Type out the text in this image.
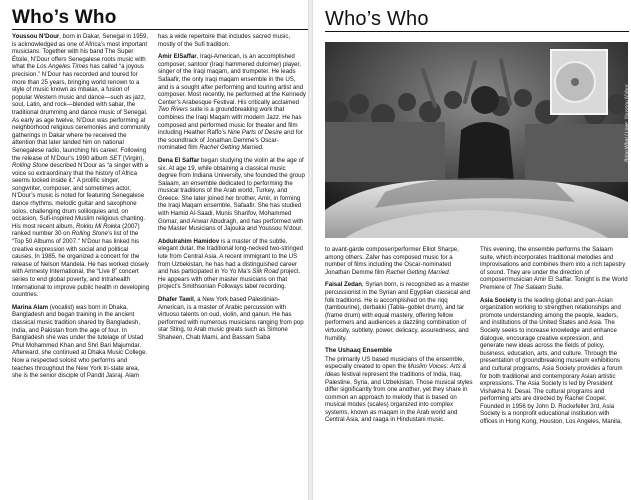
Who’s Who

Youssou N’Dour, born in Dakar, Senegal in 1959, is acknowledged as one of Africa’s most important musicians. Together with his band The Super Étoile, N’Dour offers Senegalese roots music with what the Los Angeles Times has called “a joyous precision.” N’Dour has recorded and toured for more than 25 years, bringing world renown to a style of music known as mbalax, a fusion of popular Western music and dance—such as jazz, soul, Latin, and rock—blended with sabar, the traditional drumming and dance music of Senegal. As early as age twelve, N’Dour was performing at neighborhood religious ceremonies and community gatherings in Dakar where he received the attention that later landed him on national Senegalese radio, launching his career. Following the release of N’Dour’s 1990 album SET (Virgin), Rolling Stone described N’Dour as “a singer with a voice so extraordinary that the history of Africa seems locked inside it.” A prolific singer, songwriter, composer, and sometimes actor, N’Dour’s music is noted for featuring Senegalese dance rhythms, melodic guitar and saxophone solos, challenging drum soliloquies and, on occasion, Sufi-inspired Muslim religious chanting. His most recent album, Rokku Mi Rokka (2007) ranked number 30 on Rolling Stone’s list of the “Top 50 Albums of 2007.” N’Dour has linked his creative expression with social and political causes. In 1985, he organized a concert for the release of Nelson Mandela. He has worked closely with Amnesty International, the “Live 8” concert series to end global poverty, and Intrahealth International to improve public health in developing countries.

Marina Alam (vocalist) was born in Dhaka, Bangladesh and began training in the ancient classical music tradition shared by Bangladesh, India, and Pakistan from the age of four. In Bangladesh she was under the tutelage of Ustad Phul Mohammed Khan and Shri Bari Majumdar. Afterward, she continued at Dhaka Music College. Now a respected soloist who performs and teaches throughout the New York tri-state area, she is the senior disciple of Pandit Jasraj. Alam

has a wide repertoire that includes sacred music, mostly of the Sufi tradition.

Amir ElSaffar, Iraqi-American, is an accomplished composer, santoor (Iraqi hammered dulcimer) player, singer of the Iraqi maqam, and trumpeter. He leads Safaafir, the only Iraqi maqam ensemble in the US, and is a sought after performing and touring artist and composer. Most recently, he performed at the Kennedy Center’s Arabesque Festival. His critically acclaimed Two Rivers suite is a groundbreaking work that combines the Iraqi Maqam with modern Jazz. He has composed and performed music for theater and film including Heather Raffo’s Nine Parts of Desire and for the soundtrack of Jonathan Demme’s Oscar-nominated film Rachel Getting Married.

Dena El Saffar began studying the violin at the age of six. At age 19, while obtaining a classical music degree from Indiana University, she founded the group Salaam, an ensemble dedicated to performing the musical traditions of the Arab world, Turkey, and Greece. She later joined her brother, Amir, in forming the Iraqi Maqam ensemble, Safaafir. She has studied with Hamid Al-Saadi, Munis Sharifov, Mohammed Gomar, and Anwar Abudragh, and has performed with the Master Musicians of Jajouka and Youssou N’dour.

Abdulrahim Hamidov is a master of the subtle, elegant dutar, the traditional long-necked two-stringed lute from Central Asia. A recent immigrant to the US from Uzbekistan, he has had a distinguished career and has participated in Yo Yo Ma’s Silk Road project. He appears with other master musicians on that project’s Smithsonian Folkways label recording.

Dhafer Tawil, a New York based Palestinian-American, is a master of Arabic percussion with virtuoso talents on oud, violin, and qanun. He has performed with numerous musicians ranging from pop star Sting, to Arab music greats such as Simone Shaheen, Chab Mami, and Bassam Saba

Who’s Who
Bring What I Love: Youssou N’dour

to avant-garde composer/performer Elliot Sharpe, among others. Zafer has composed music for a number of films including the Oscar-nominated Jonathan Demme film Rachel Getting Married.

Faisal Zedan, Syrian born, is recognized as a master percussionist in the Syrian and Egyptian classical and folk traditions. He is accomplished on the riqq (tambourine), derbakki (Tabla–goblet drum), and tar (frame drum) with equal mastery, offering fellow performers and audiences a dazzling combination of virtuosity, subtlety, power, delicacy, assuredness, and humility.

The Ushaaq Ensemble

The primarily US based musicians of the ensemble, especially created to open the Muslim Voices: Arts & Ideas festival represent the traditions of India, Iraq, Palestine, Syria, and Uzbekistan. Those musical styles differ significantly from one another, yet they share in common an approach to melody that is based on musical modes (scales) organized into complex systems, known as maqam in the Arab world and Central Asia, and raaga in Hindustani music.

This evening, the ensemble performs the Salaam suite, which incorporates traditional melodies and improvisations and combines them into a rich tapestry of sound. They are under the direction of composer/musician Amir El Saffar. Tonight is the World Premiere of The Salaam Suite.

Asia Society is the leading global and pan-Asian organization working to strengthen relationships and promote understanding among the people, leaders, and institutions of the United States and Asia. The Society seeks to increase knowledge and enhance dialogue, encourage creative expression, and generate new ideas across the fields of policy, business, education, arts, and culture. Through the presentation of groundbreaking museum exhibitions and cultural programs, Asia Society provides a forum for both traditional and contemporary Asian artistic expressions. The Asia Society is led by President Vishakha N. Desai. The cultural programs and performing arts are directed by Rachel Cooper. Founded in 1956 by John D. Rockefeller 3rd, Asia Society is a nonprofit educational institution with offices in Hong Kong, Houston, Los Angeles, Manila,
